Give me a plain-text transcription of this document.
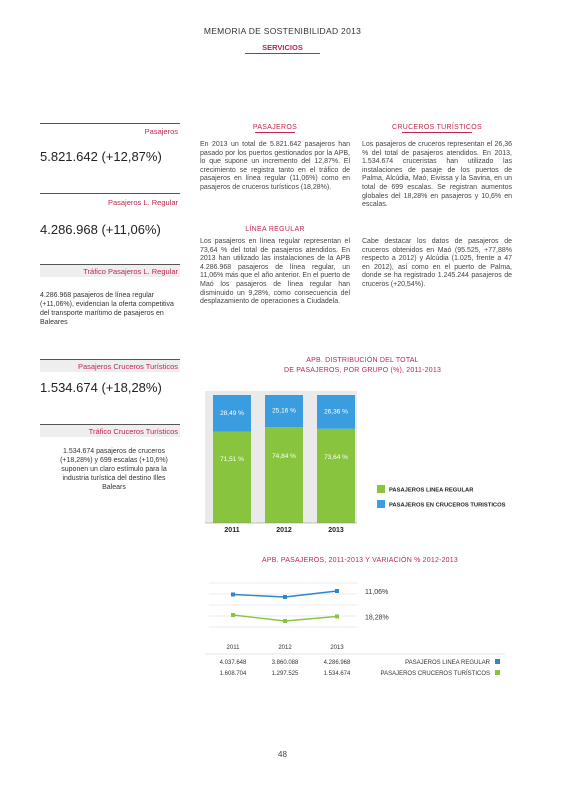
MEMORIA DE SOSTENIBILIDAD 2013
SERVICIOS
Pasajeros
5.821.642 (+12,87%)
Pasajeros L. Regular
4.286.968 (+11,06%)
Tráfico Pasajeros L. Regular
4.286.968 pasajeros de línea regular (+11,06%), evidencian la oferta competitiva del transporte marítimo de pasajeros en Baleares
Pasajeros Cruceros Turísticos
1.534.674 (+18,28%)
Tráfico Cruceros Turísticos
1.534.674 pasajeros de cruceros (+18,28%) y 699 escalas (+10,6%) suponen un claro estímulo para la industria turística del destino Illes Balears
PASAJEROS
En 2013 un total de 5.821.642 pasajeros han pasado por los puertos gestionados por la APB, lo que supone un incremento del 12,87%. El crecimiento se registra tanto en el tráfico de pasajeros en línea regular (11,06%) como en pasajeros de cruceros turísticos (18,28%).
LÍNEA REGULAR
Los pasajeros en línea regular representan el 73,64 % del total de pasajeros atendidos. En 2013 han utilizado las instalaciones de la APB 4.286.968 pasajeros de línea regular, un 11,06% más que el año anterior. En el puerto de Maó los pasajeros de línea regular han disminuido un 9,28%, como consecuencia del desplazamiento de operaciones a Ciudadela.
CRUCEROS TURÍSTICOS
Los pasajeros de cruceros representan el 26,36 % del total de pasajeros atendidos. En 2013, 1.534.674 cruceristas han utilizado las instalaciones de pasaje de los puertos de Palma, Alcúdia, Maó, Eivissa y la Savina, en un total de 699 escalas. Se registran aumentos globales del 18,28% en pasajeros y 10,6% en escalas.
Cabe destacar los datos de pasajeros de cruceros obtenidos en Maó (95.525, +77,88% respecto a 2012) y Alcúdia (1.025, frente a 47 en 2012), así como en el puerto de Palma, donde se ha registrado 1.245.244 pasajeros de cruceros (+20,54%).
APB. DISTRIBUCIÓN DEL TOTAL
DE PASAJEROS, POR GRUPO (%), 2011-2013
71,51 %
28,49 %
2011
74,84 %
25,16 %
2012
73,64 %
26,36 %
2013
PASAJEROS LINEA REGULAR
PASAJEROS EN CRUCEROS TURISTICOS
APB. PASAJEROS, 2011-2013 Y VARIACIÓN % 2012-2013
11,06%
18,28%
2011	2012	2013
4.037.648	3.860.088	4.286.968	PASAJEROS LINEA REGULAR
1.608.704	1.297.525	1.534.674	PASAJEROS CRUCEROS TURÍSTICOS
48
